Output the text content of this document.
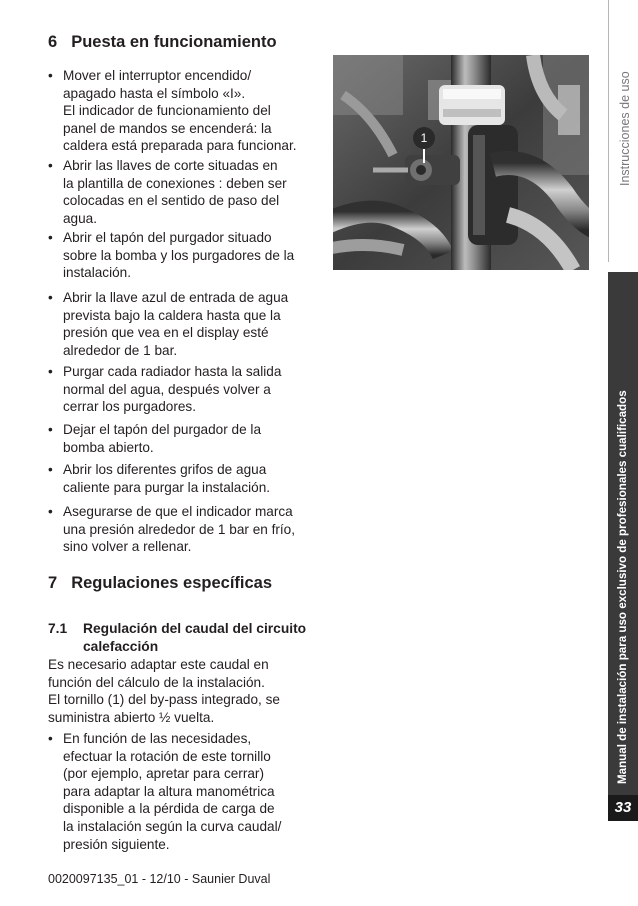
6 Puesta en funcionamiento
• Mover el interruptor encendido/
apagado hasta el símbolo «I».
El indicador de funcionamiento del
panel de mandos se encenderá: la
caldera está preparada para funcionar.
• Abrir las llaves de corte situadas en
la plantilla de conexiones : deben ser
colocadas en el sentido de paso del
agua.
• Abrir el tapón del purgador situado
sobre la bomba y los purgadores de la
instalación.
• Abrir la llave azul de entrada de agua
prevista bajo la caldera hasta que la
presión que vea en el display esté
alrededor de 1 bar.
• Purgar cada radiador hasta la salida
normal del agua, después volver a
cerrar los purgadores.
• Dejar el tapón del purgador de la
bomba abierto.
• Abrir los diferentes grifos de agua
caliente para purgar la instalación.
• Asegurarse de que el indicador marca
una presión alrededor de 1 bar en frío,
sino volver a rellenar.
7 Regulaciones específicas
7.1 Regulación del caudal del circuito
calefacción
Es necesario adaptar este caudal en
función del cálculo de la instalación.
El tornillo (1) del by-pass integrado, se
suministra abierto ½ vuelta.
• En función de las necesidades,
efectuar la rotación de este tornillo
(por ejemplo, apretar para cerrar)
para adaptar la altura manométrica
disponible a la pérdida de carga de
la instalación según la curva caudal/
presión siguiente.
1	Instrucciones de uso
Manual de instalación para uso exclusivo de profesionales cualificados
33
0020097135_01 - 12/10 - Saunier Duval
